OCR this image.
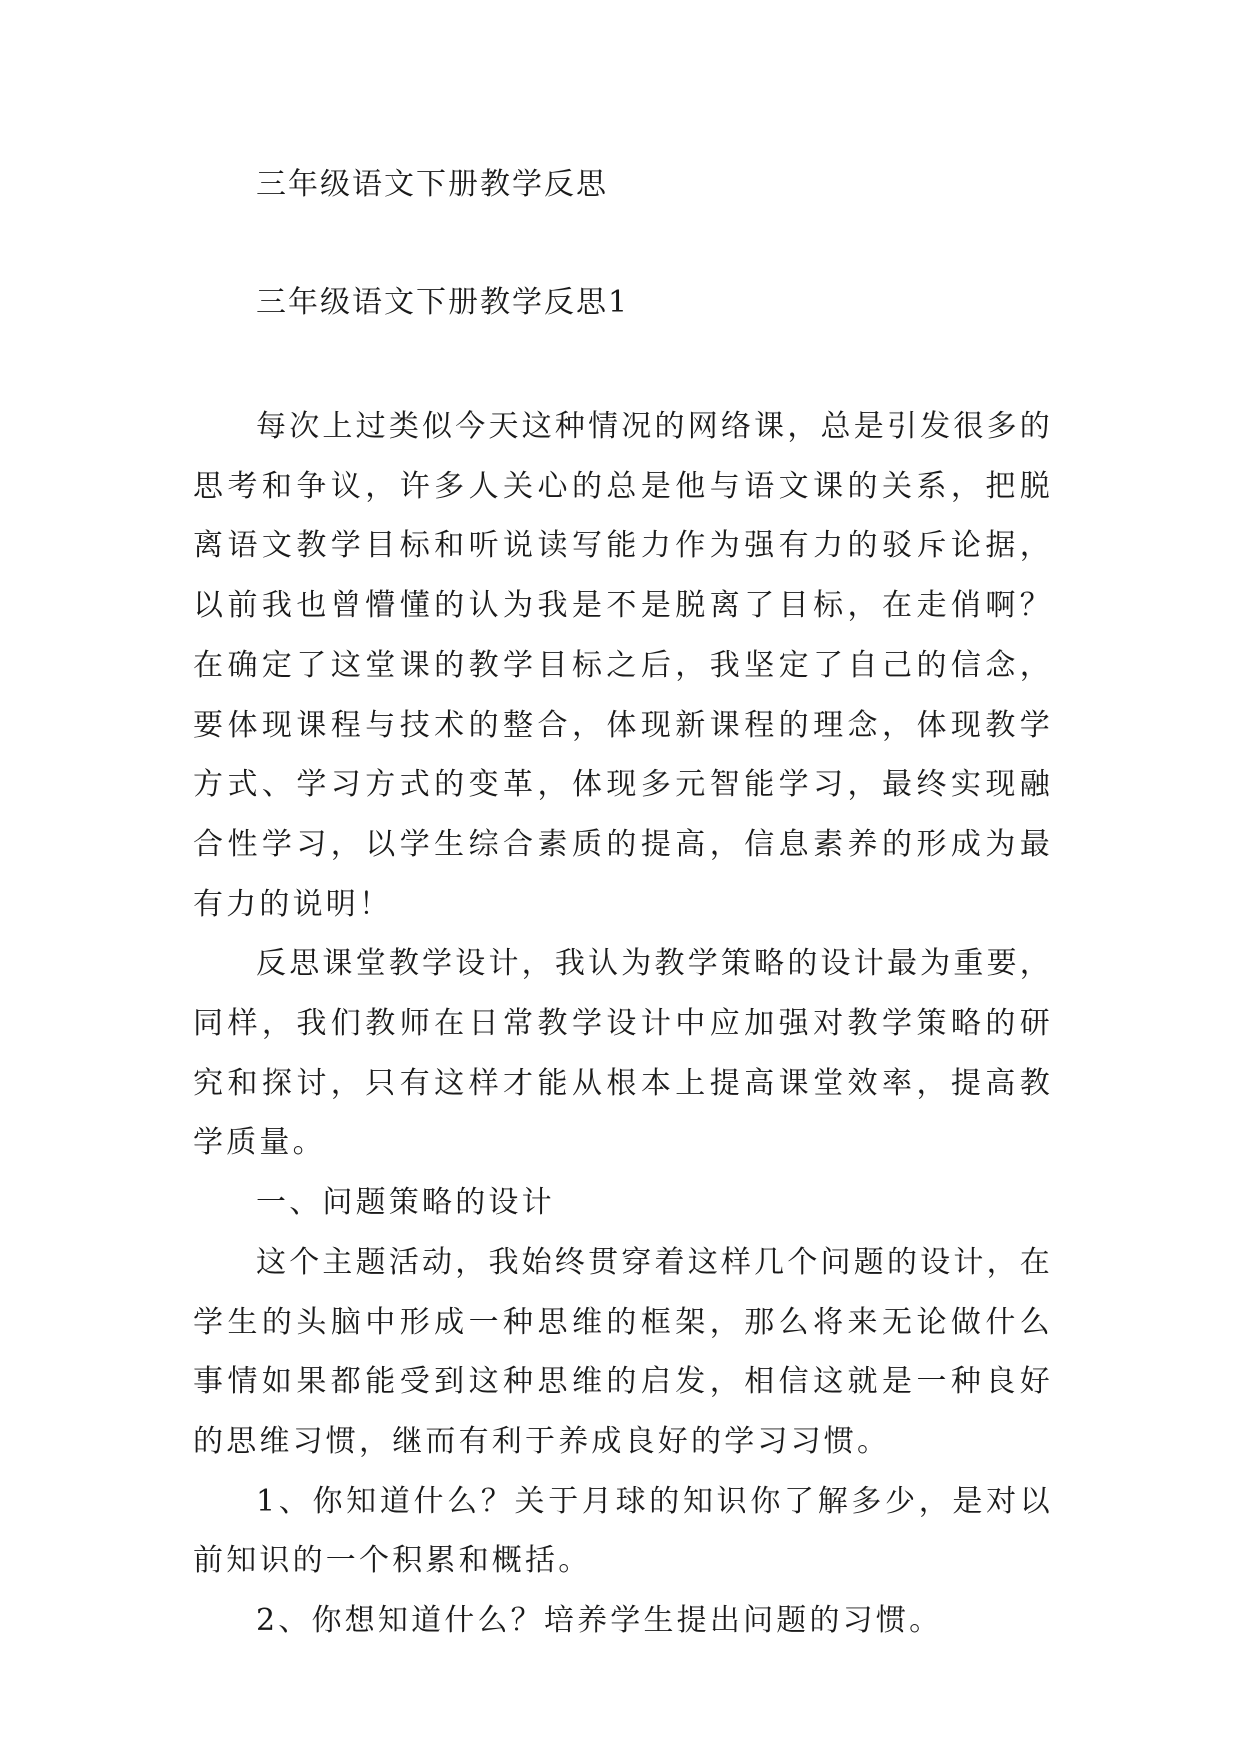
三年级语文下册教学反思
三年级语文下册教学反思1

每次上过类似今天这种情况的网络课，总是引发很多的思考和争议，许多人关心的总是他与语文课的关系，把脱离语文教学目标和听说读写能力作为强有力的驳斥论据，以前我也曾懵懂的认为我是不是脱离了目标，在走俏啊？在确定了这堂课的教学目标之后，我坚定了自己的信念，要体现课程与技术的整合，体现新课程的理念，体现教学方式、学习方式的变革，体现多元智能学习，最终实现融合性学习，以学生综合素质的提高，信息素养的形成为最有力的说明！

反思课堂教学设计，我认为教学策略的设计最为重要，同样，我们教师在日常教学设计中应加强对教学策略的研究和探讨，只有这样才能从根本上提高课堂效率，提高教学质量。

一、问题策略的设计

这个主题活动，我始终贯穿着这样几个问题的设计，在学生的头脑中形成一种思维的框架，那么将来无论做什么事情如果都能受到这种思维的启发，相信这就是一种良好的思维习惯，继而有利于养成良好的学习习惯。

1、你知道什么？关于月球的知识你了解多少，是对以前知识的一个积累和概括。

2、你想知道什么？培养学生提出问题的习惯。
